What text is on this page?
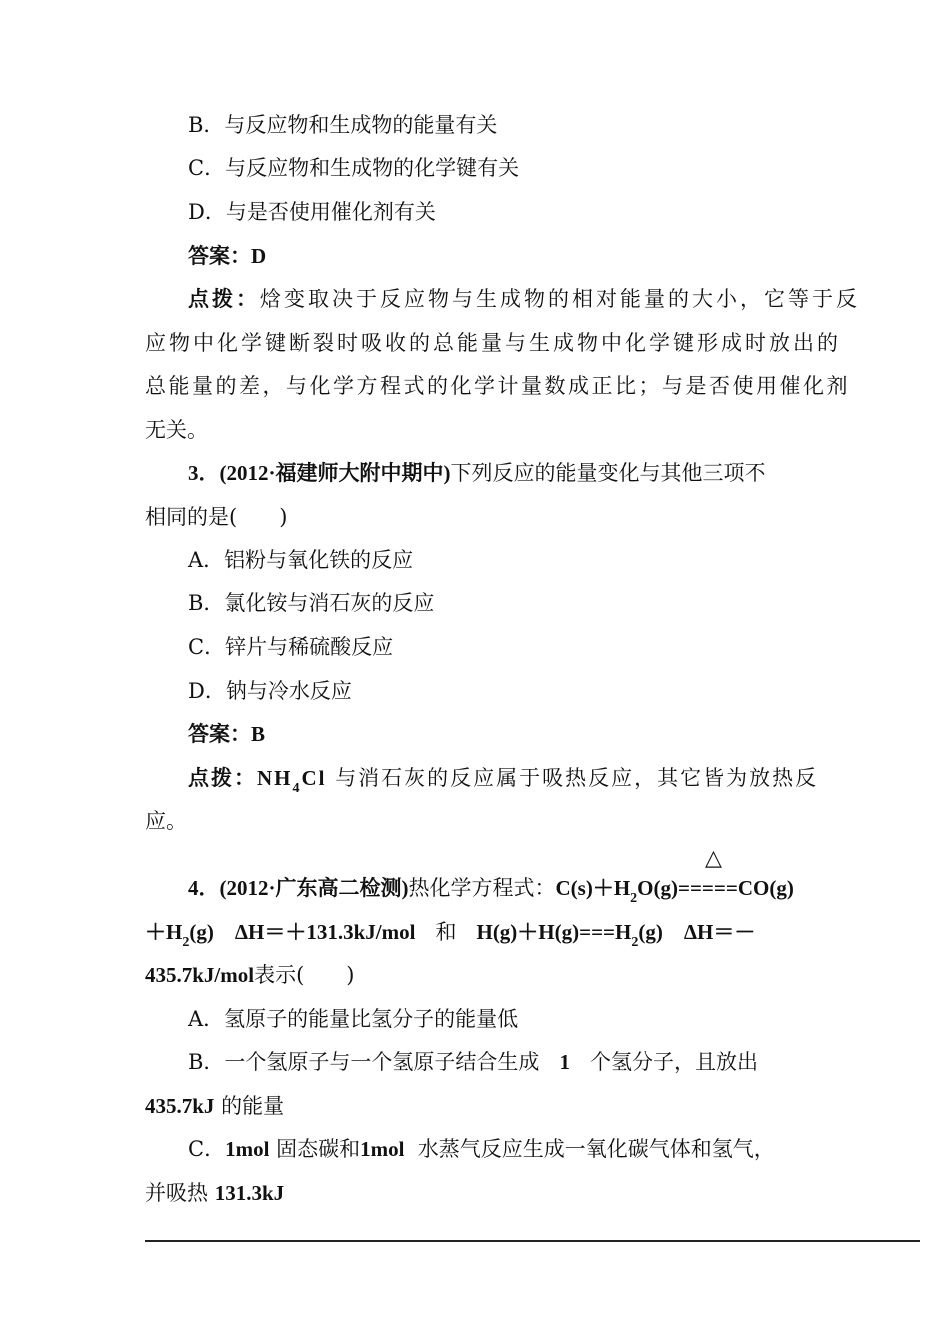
B．与反应物和生成物的能量有关
C．与反应物和生成物的化学键有关
D．与是否使用催化剂有关
答案：D
点拨：焓变取决于反应物与生成物的相对能量的大小，它等于反
应物中化学键断裂时吸收的总能量与生成物中化学键形成时放出的
总能量的差，与化学方程式的化学计量数成正比；与是否使用催化剂
无关。
3．(2012·福建师大附中期中)下列反应的能量变化与其他三项不
相同的是(　　)
A．铝粉与氧化铁的反应
B．氯化铵与消石灰的反应
C．锌片与稀硫酸反应
D．钠与冷水反应
答案：B
点拨：$NH_4Cl$ 与消石灰的反应属于吸热反应，其它皆为放热反
应。
△
4．(2012·广东高二检测)热化学方程式：$C(s)+H_2O(g)=====CO(g)$
$+H_2(g)$　ΔH＝＋131.3kJ/mol 和 $H(g)+H(g)===H_2(g)$　ΔH＝－
435.7kJ/mol表示(　　)
A．氢原子的能量比氢分子的能量低
B．一个氢原子与一个氢原子结合生成 1 个氢分子，且放出
435.7kJ 的能量
C．1mol 固态碳和1mol 水蒸气反应生成一氧化碳气体和氢气，
并吸热 131.3kJ
